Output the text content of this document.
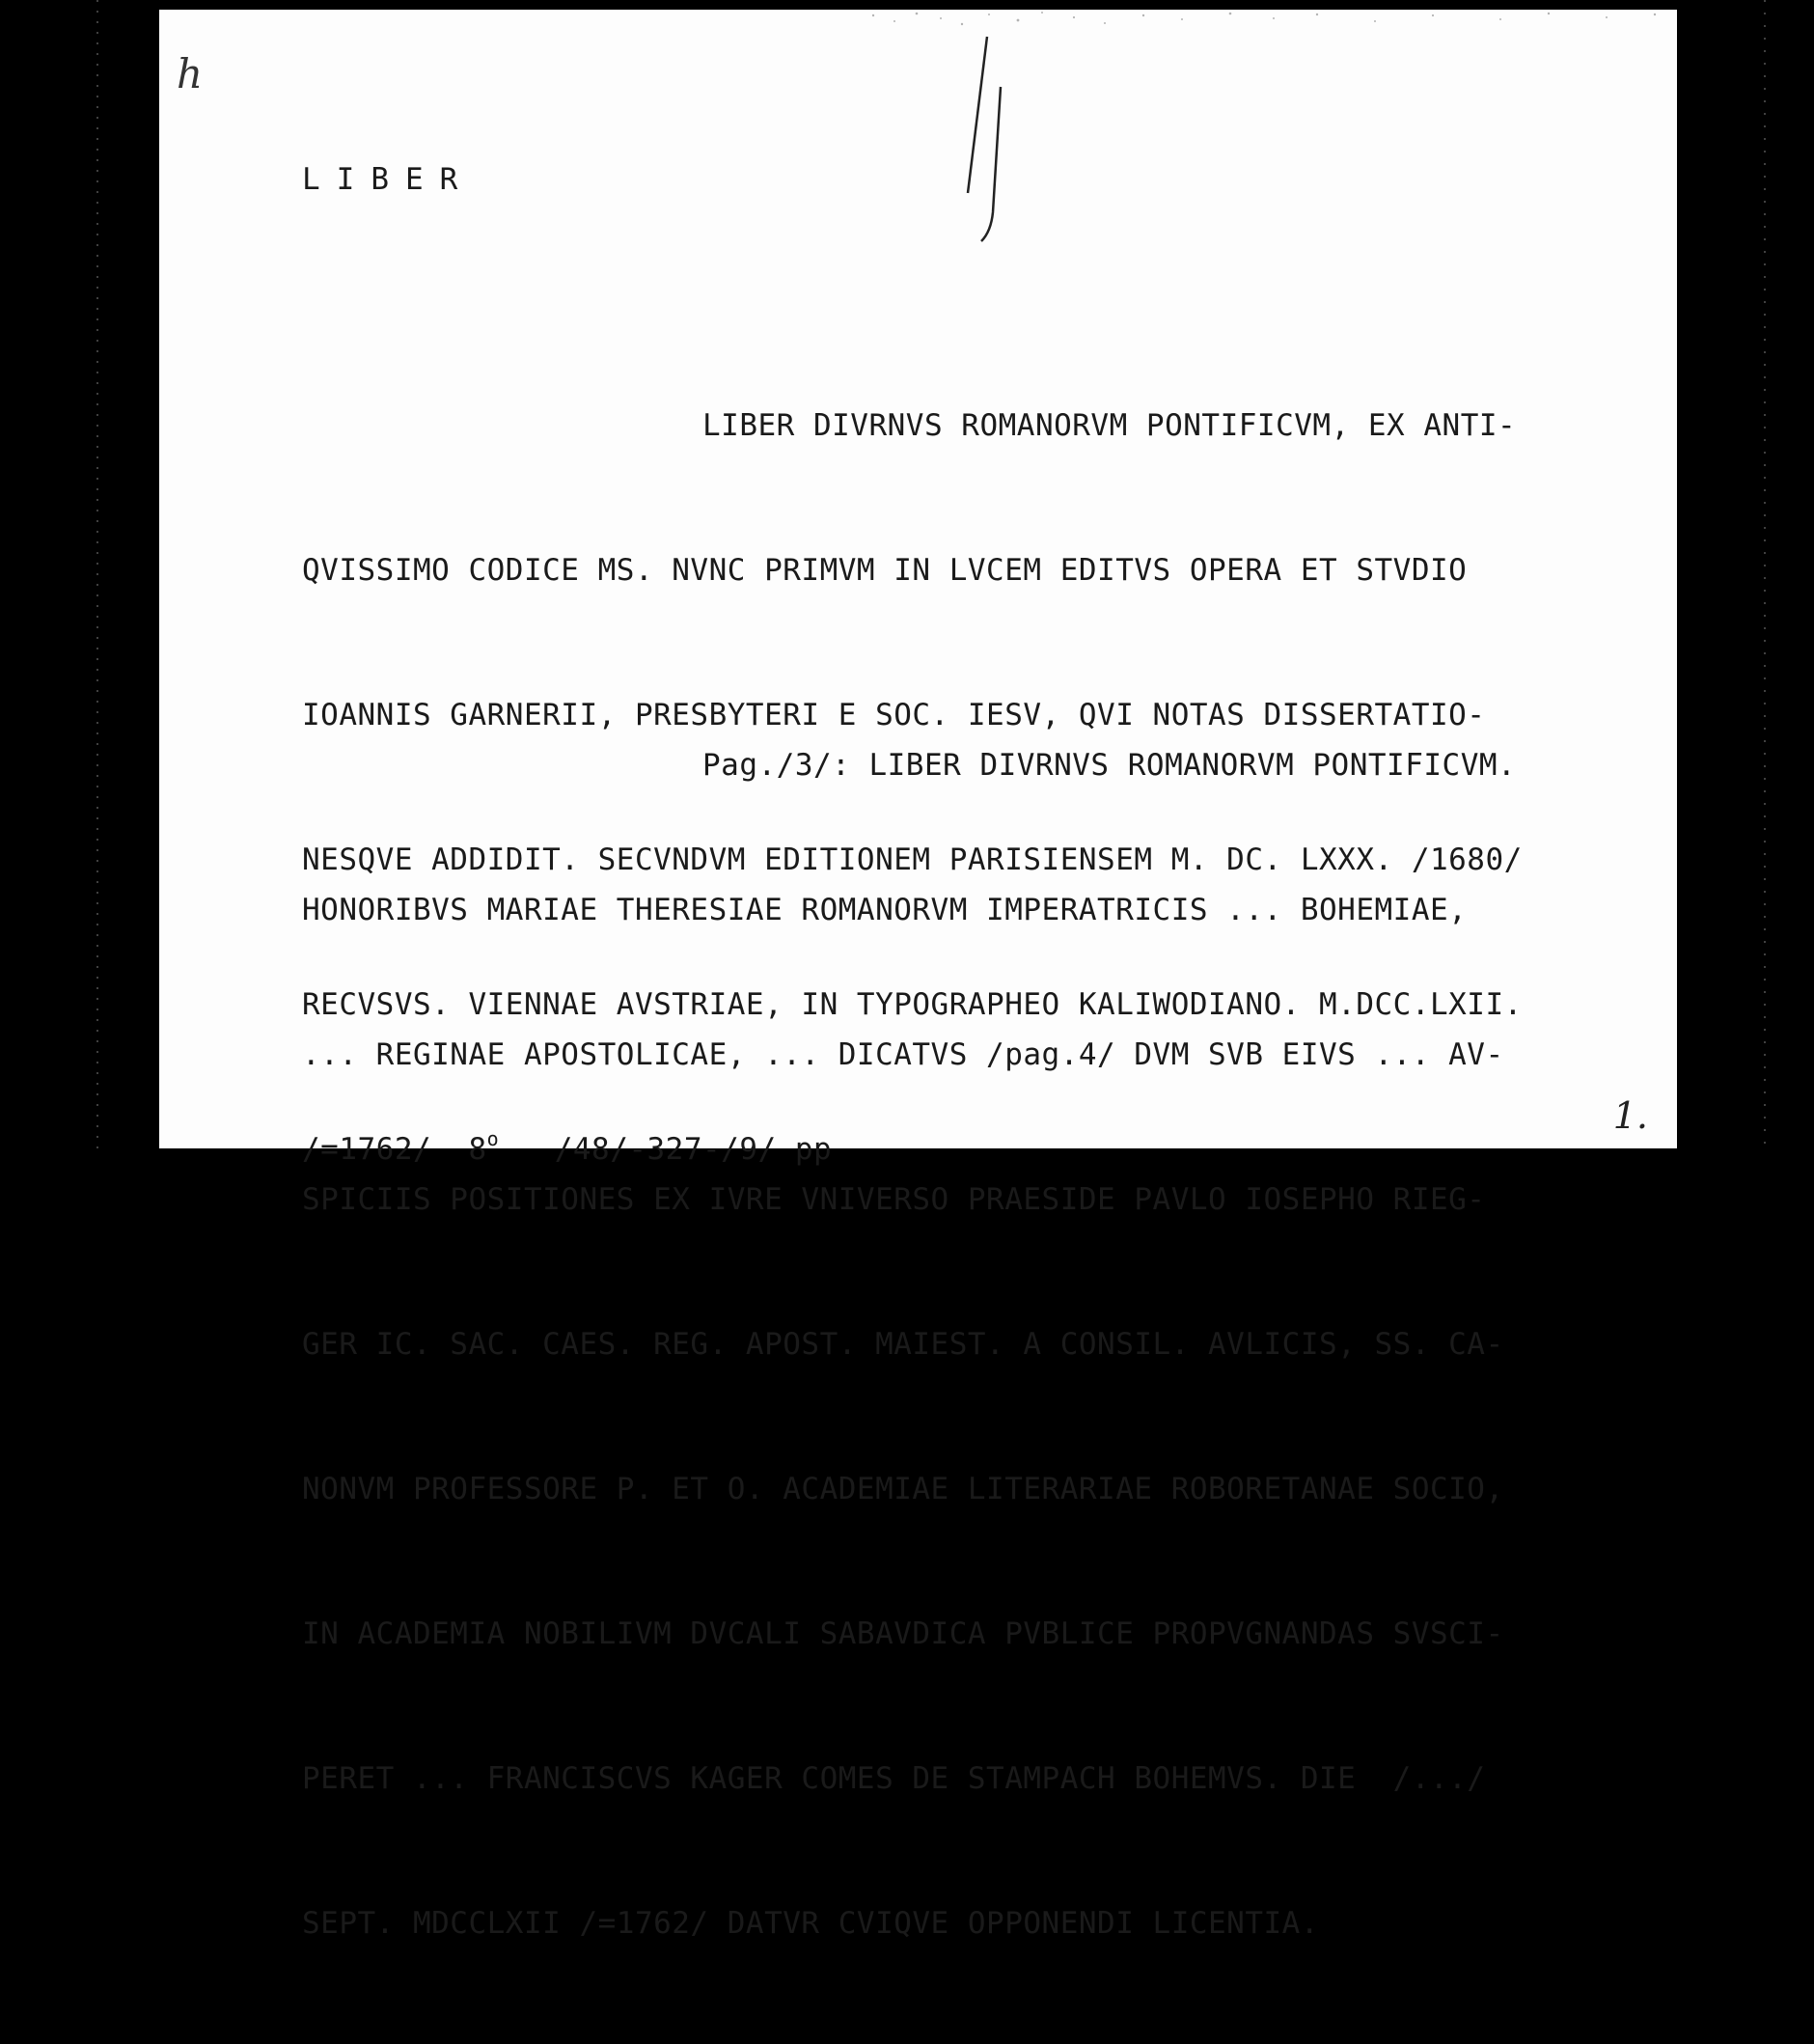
h
LIBER

LIBER DIVRNVS ROMANORVM PONTIFICVM, EX ANTI-

QVISSIMO CODICE MS. NVNC PRIMVM IN LVCEM EDITVS OPERA ET STVDIO

IOANNIS GARNERII, PRESBYTERI E SOC. IESV, QVI NOTAS DISSERTATIO-

NESQVE ADDIDIT. SECVNDVM EDITIONEM PARISIENSEM M. DC. LXXX. /1680/

RECVSVS. VIENNAE AVSTRIAE, IN TYPOGRAPHEO KALIWODIANO. M.DCC.LXII.

/=1762/ 8$^o$ /48/-327-/9/ pp

Pag./3/: LIBER DIVRNVS ROMANORVM PONTIFICVM.

HONORIBVS MARIAE THERESIAE ROMANORVM IMPERATRICIS ... BOHEMIAE,

... REGINAE APOSTOLICAE, ... DICATVS /pag.4/ DVM SVB EIVS ... AV-

SPICIIS POSITIONES EX IVRE VNIVERSO PRAESIDE PAVLO IOSEPHO RIEG-

GER IC. SAC. CAES. REG. APOST. MAIEST. A CONSIL. AVLICIS, SS. CA-

NONVM PROFESSORE P. ET O. ACADEMIAE LITERARIAE ROBORETANAE SOCIO,

IN ACADEMIA NOBILIVM DVCALI SABAVDICA PVBLICE PROPVGNANDAS SVSCI-

PERET ... FRANCISCVS KAGER COMES DE STAMPACH BOHEMVS. DIE  /.../

SEPT. MDCCLXII /=1762/ DATVR CVIQVE OPPONENDI LICENTIA.

1.
